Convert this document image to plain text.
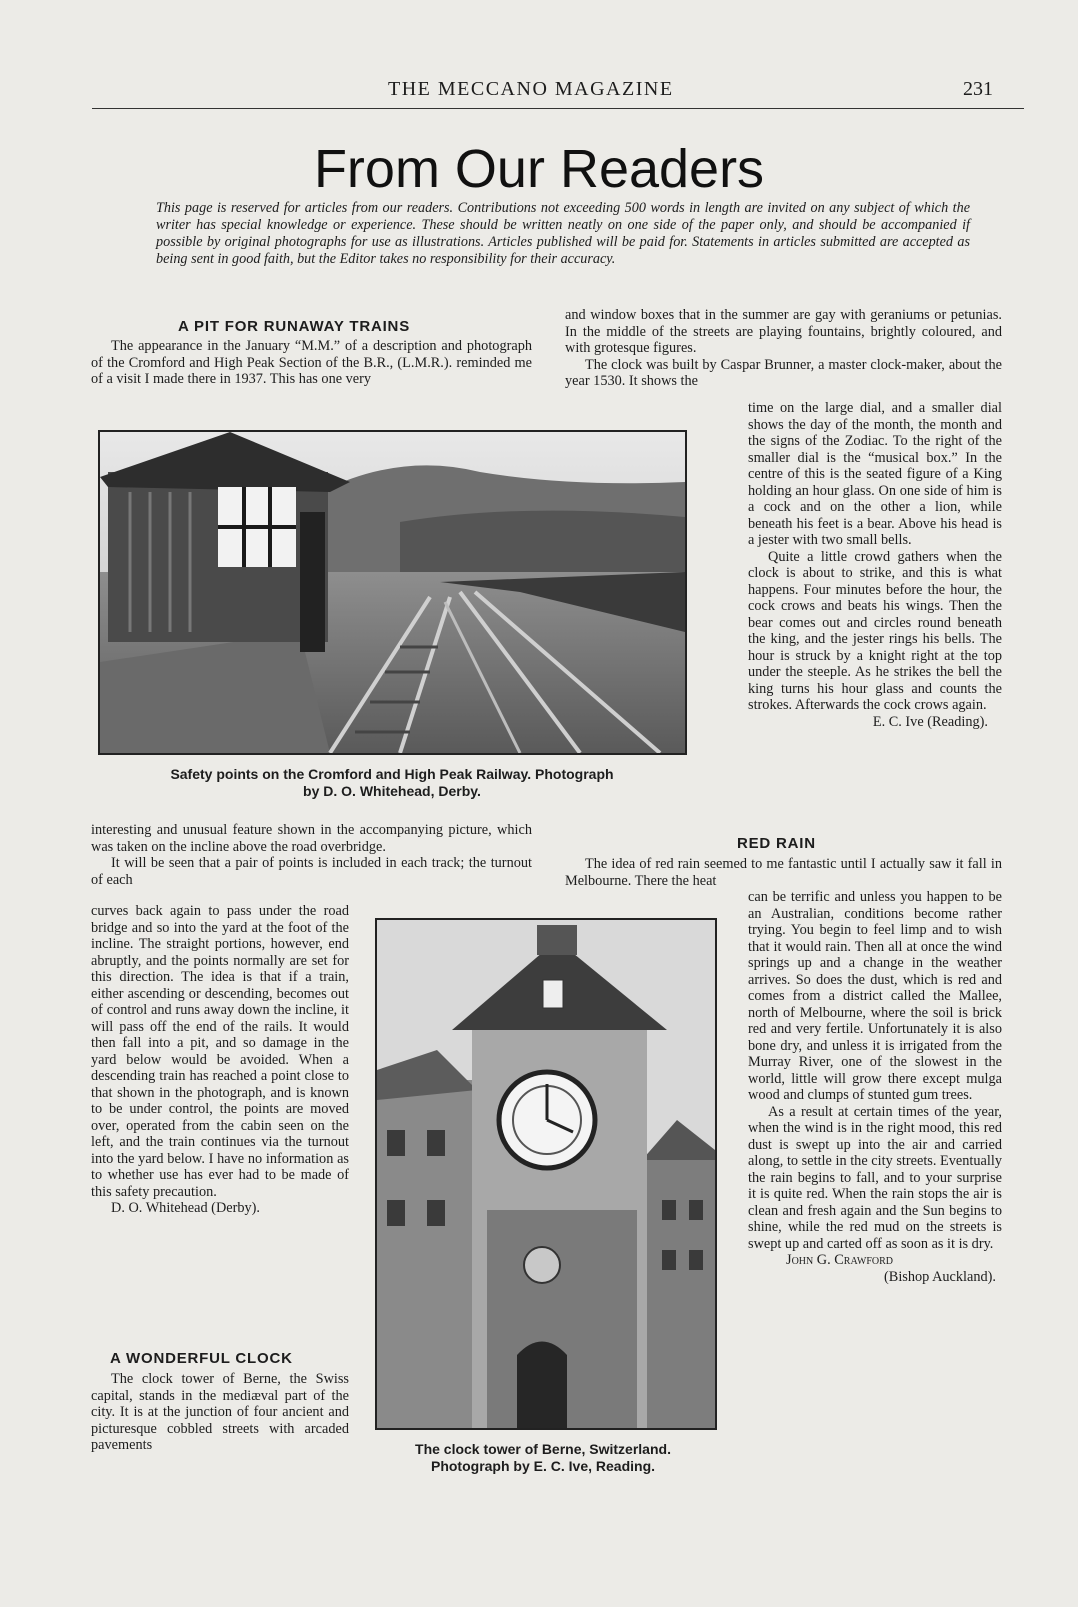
THE MECCANO MAGAZINE	231
From Our Readers
This page is reserved for articles from our readers. Contributions not exceeding 500 words in length are invited on any subject of which the writer has special knowledge or experience. These should be written neatly on one side of the paper only, and should be accompanied if possible by original photographs for use as illustrations. Articles published will be paid for. Statements in articles submitted are accepted as being sent in good faith, but the Editor takes no responsibility for their accuracy.
A PIT FOR RUNAWAY TRAINS

The appearance in the January “M.M.” of a description and photograph of the Cromford and High Peak Section of the B.R., (L.M.R.). reminded me of a visit I made there in 1937. This has one very

Safety points on the Cromford and High Peak Railway. Photograph
by D. O. Whitehead, Derby.

interesting and unusual feature shown in the accompanying picture, which was taken on the incline above the road overbridge.

It will be seen that a pair of points is included in each track; the turnout of each

curves back again to pass under the road bridge and so into the yard at the foot of the incline. The straight portions, however, end abruptly, and the points normally are set for this direction. The idea is that if a train, either ascending or descending, becomes out of control and runs away down the incline, it will pass off the end of the rails. It would then fall into a pit, and so damage in the yard below would be avoided. When a descending train has reached a point close to that shown in the photograph, and is known to be under control, the points are moved over, operated from the cabin seen on the left, and the train continues via the turnout into the yard below. I have no information as to whether use has ever had to be made of this safety precaution.

D. O. Whitehead (Derby).

A WONDERFUL CLOCK

The clock tower of Berne, the Swiss capital, stands in the mediæval part of the city. It is at the junction of four ancient and picturesque cobbled streets with arcaded pavements	The clock tower of Berne, Switzerland.
Photograph by E. C. Ive, Reading.

and window boxes that in the summer are gay with geraniums or petunias. In the middle of the streets are playing fountains, brightly coloured, and with grotesque figures.

The clock was built by Caspar Brunner, a master clock-maker, about the year 1530. It shows the

time on the large dial, and a smaller dial shows the day of the month, the month and the signs of the Zodiac. To the right of the smaller dial is the “musical box.” In the centre of this is the seated figure of a King holding an hour glass. On one side of him is a cock and on the other a lion, while beneath his feet is a bear. Above his head is a jester with two small bells.

Quite a little crowd gathers when the clock is about to strike, and this is what happens. Four minutes before the hour, the cock crows and beats his wings. Then the bear comes out and circles round beneath the king, and the jester rings his bells. The hour is struck by a knight right at the top under the steeple. As he strikes the bell the king turns his hour glass and counts the strokes. Afterwards the cock crows again.

E. C. Ive (Reading).

RED RAIN

The idea of red rain seemed to me fantastic until I actually saw it fall in Melbourne. There the heat

can be terrific and unless you happen to be an Australian, conditions become rather trying. You begin to feel limp and to wish that it would rain. Then all at once the wind springs up and a change in the weather arrives. So does the dust, which is red and comes from a district called the Mallee, north of Melbourne, where the soil is brick red and very fertile. Unfortunately it is also bone dry, and unless it is irrigated from the Murray River, one of the slowest in the world, little will grow there except mulga wood and clumps of stunted gum trees.

As a result at certain times of the year, when the wind is in the right mood, this red dust is swept up into the air and carried along, to settle in the city streets. Eventually the rain begins to fall, and to your surprise it is quite red. When the rain stops the air is clean and fresh again and the Sun begins to shine, while the red mud on the streets is swept up and carted off as soon as it is dry.

John G. Crawford

(Bishop Auckland).
